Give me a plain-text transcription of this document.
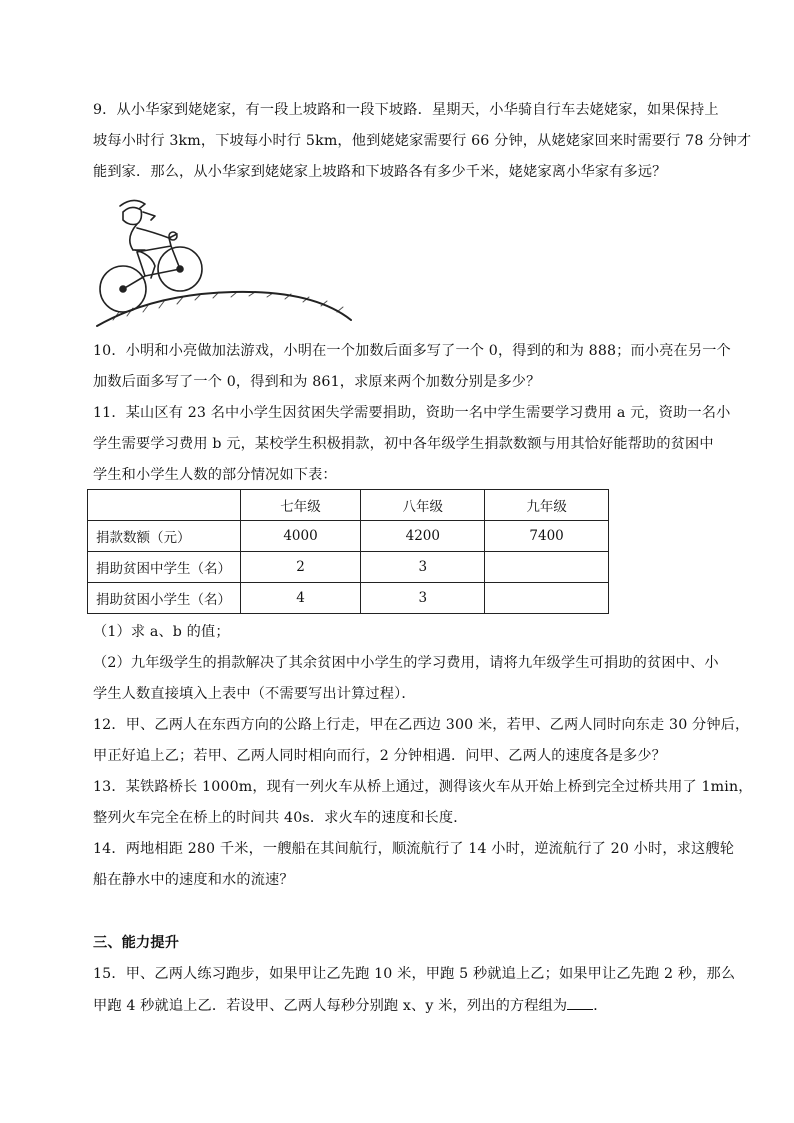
9．从小华家到姥姥家，有一段上坡路和一段下坡路．星期天，小华骑自行车去姥姥家，如果保持上
坡每小时行 3km，下坡每小时行 5km，他到姥姥家需要行 66 分钟，从姥姥家回来时需要行 78 分钟才
能到家．那么，从小华家到姥姥家上坡路和下坡路各有多少千米，姥姥家离小华家有多远？
10．小明和小亮做加法游戏，小明在一个加数后面多写了一个 0，得到的和为 888；而小亮在另一个
加数后面多写了一个 0，得到和为 861，求原来两个加数分别是多少？
11．某山区有 23 名中小学生因贫困失学需要捐助，资助一名中学生需要学习费用 a 元，资助一名小
学生需要学习费用 b 元，某校学生积极捐款，初中各年级学生捐款数额与用其恰好能帮助的贫困中
学生和小学生人数的部分情况如下表：
	七年级	八年级	九年级
捐款数额（元）	4000	4200	7400
捐助贫困中学生（名）	2	3	
捐助贫困小学生（名）	4	3	
（1）求 a、b 的值；
（2）九年级学生的捐款解决了其余贫困中小学生的学习费用，请将九年级学生可捐助的贫困中、小
学生人数直接填入上表中（不需要写出计算过程）．
12．甲、乙两人在东西方向的公路上行走，甲在乙西边 300 米，若甲、乙两人同时向东走 30 分钟后，
甲正好追上乙；若甲、乙两人同时相向而行，2 分钟相遇．问甲、乙两人的速度各是多少？
13．某铁路桥长 1000m，现有一列火车从桥上通过，测得该火车从开始上桥到完全过桥共用了 1min，
整列火车完全在桥上的时间共 40s．求火车的速度和长度．
14．两地相距 280 千米，一艘船在其间航行，顺流航行了 14 小时，逆流航行了 20 小时，求这艘轮
船在静水中的速度和水的流速？
三、能力提升
15．甲、乙两人练习跑步，如果甲让乙先跑 10 米，甲跑 5 秒就追上乙；如果甲让乙先跑 2 秒，那么
甲跑 4 秒就追上乙．若设甲、乙两人每秒分别跑 x、y 米，列出的方程组为 ．
